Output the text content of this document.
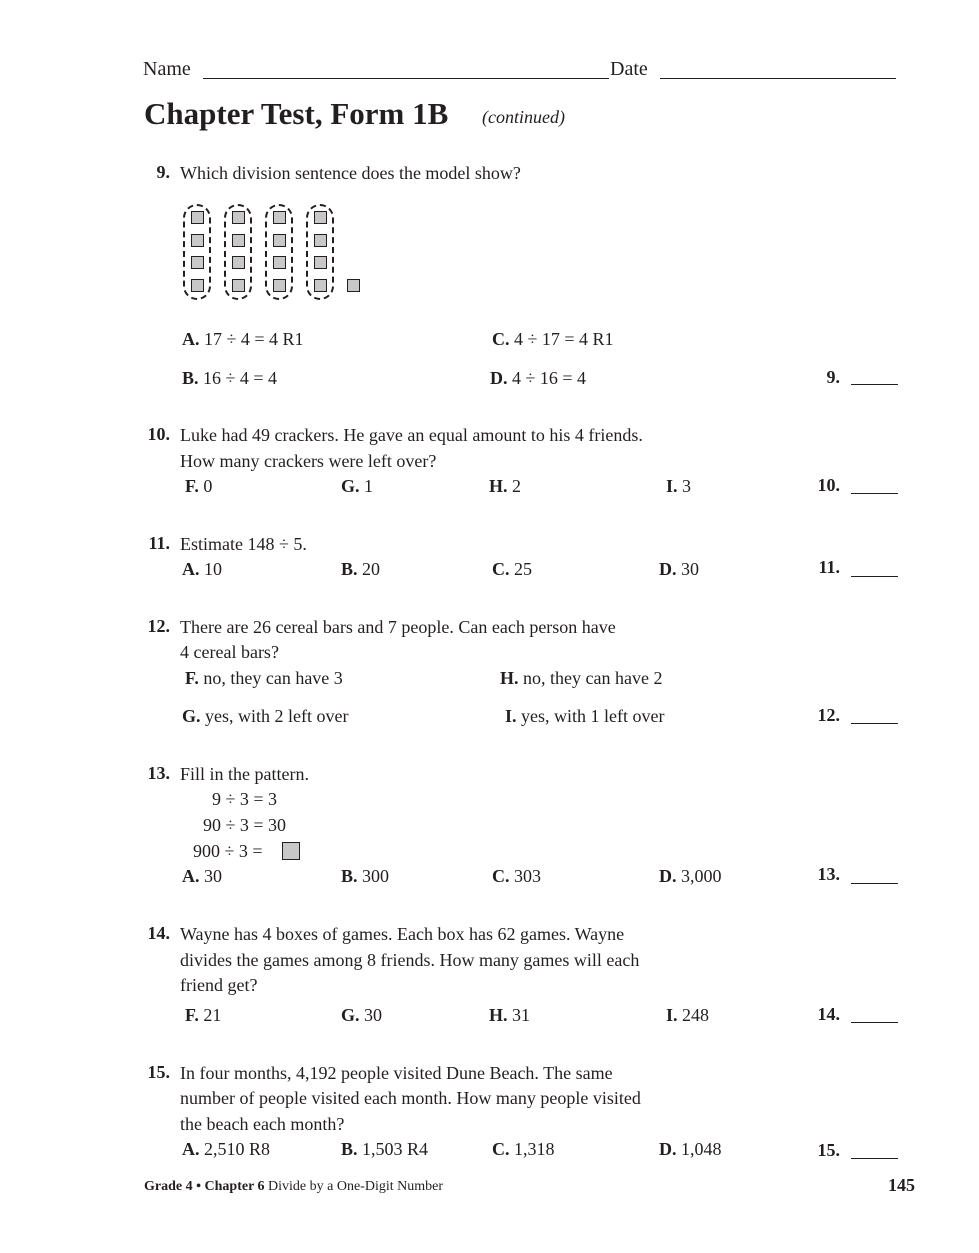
Name	Date
Chapter Test, Form 1B (continued)
9. Which division sentence does the model show?
A. 17 ÷ 4 = 4 R1	C. 4 ÷ 17 = 4 R1
B. 16 ÷ 4 = 4	D. 4 ÷ 16 = 4	9.
10. Luke had 49 crackers. He gave an equal amount to his 4 friends.
How many crackers were left over?
F. 0	G. 1	H. 2	I. 3	10.
11. Estimate 148 ÷ 5.
A. 10	B. 20	C. 25	D. 30	11.
12. There are 26 cereal bars and 7 people. Can each person have
4 cereal bars?
F. no, they can have 3	H. no, they can have 2
G. yes, with 2 left over	I. yes, with 1 left over	12.
13. Fill in the pattern.
9 ÷ 3 = 3
90 ÷ 3 = 30
900 ÷ 3 =
A. 30	B. 300	C. 303	D. 3,000	13.
14. Wayne has 4 boxes of games. Each box has 62 games. Wayne
divides the games among 8 friends. How many games will each
friend get?
F. 21	G. 30	H. 31	I. 248	14.
15. In four months, 4,192 people visited Dune Beach. The same
number of people visited each month. How many people visited
the beach each month?
A. 2,510 R8	B. 1,503 R4	C. 1,318	D. 1,048	15.
Grade 4 • Chapter 6 Divide by a One-Digit Number	145
